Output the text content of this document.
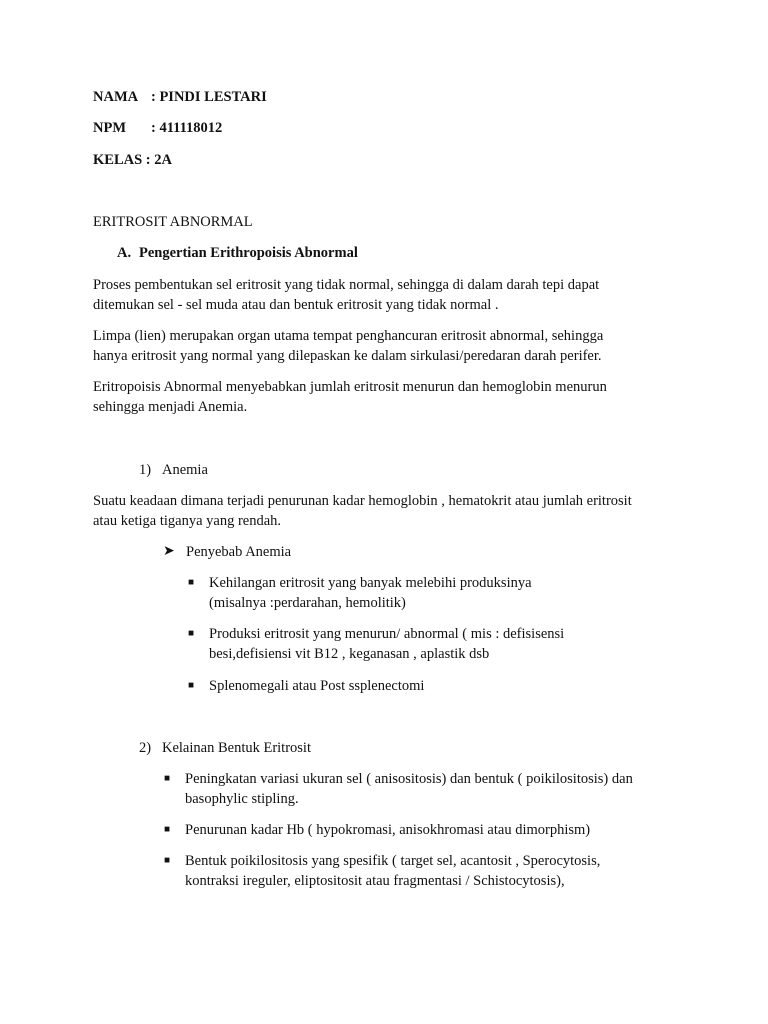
NAMA : PINDI LESTARI
NPM : 411118012
KELAS : 2A
ERITROSIT ABNORMAL
A. Pengertian Erithropoisis Abnormal
Proses pembentukan sel eritrosit yang tidak normal, sehingga di dalam darah tepi dapat
ditemukan sel - sel muda atau dan bentuk eritrosit yang tidak normal .
Limpa (lien) merupakan organ utama tempat penghancuran eritrosit abnormal, sehingga
hanya eritrosit yang normal yang dilepaskan ke dalam sirkulasi/peredaran darah perifer.
Eritropoisis Abnormal menyebabkan jumlah eritrosit menurun dan hemoglobin menurun
sehingga menjadi Anemia.
1) Anemia
Suatu keadaan dimana terjadi penurunan kadar hemoglobin , hematokrit atau jumlah eritrosit
atau ketiga tiganya yang rendah.
➤ Penyebab Anemia
■ Kehilangan eritrosit yang banyak melebihi produksinya
(misalnya :perdarahan, hemolitik)
■ Produksi eritrosit yang menurun/ abnormal ( mis : defisisensi
besi,defisiensi vit B12 , keganasan , aplastik dsb
■ Splenomegali atau Post ssplenectomi
2) Kelainan Bentuk Eritrosit
■ Peningkatan variasi ukuran sel ( anisositosis) dan bentuk ( poikilositosis) dan
basophylic stipling.
■ Penurunan kadar Hb ( hypokromasi, anisokhromasi atau dimorphism)
■ Bentuk poikilositosis yang spesifik ( target sel, acantosit , Sperocytosis,
kontraksi ireguler, eliptositosit atau fragmentasi / Schistocytosis),
